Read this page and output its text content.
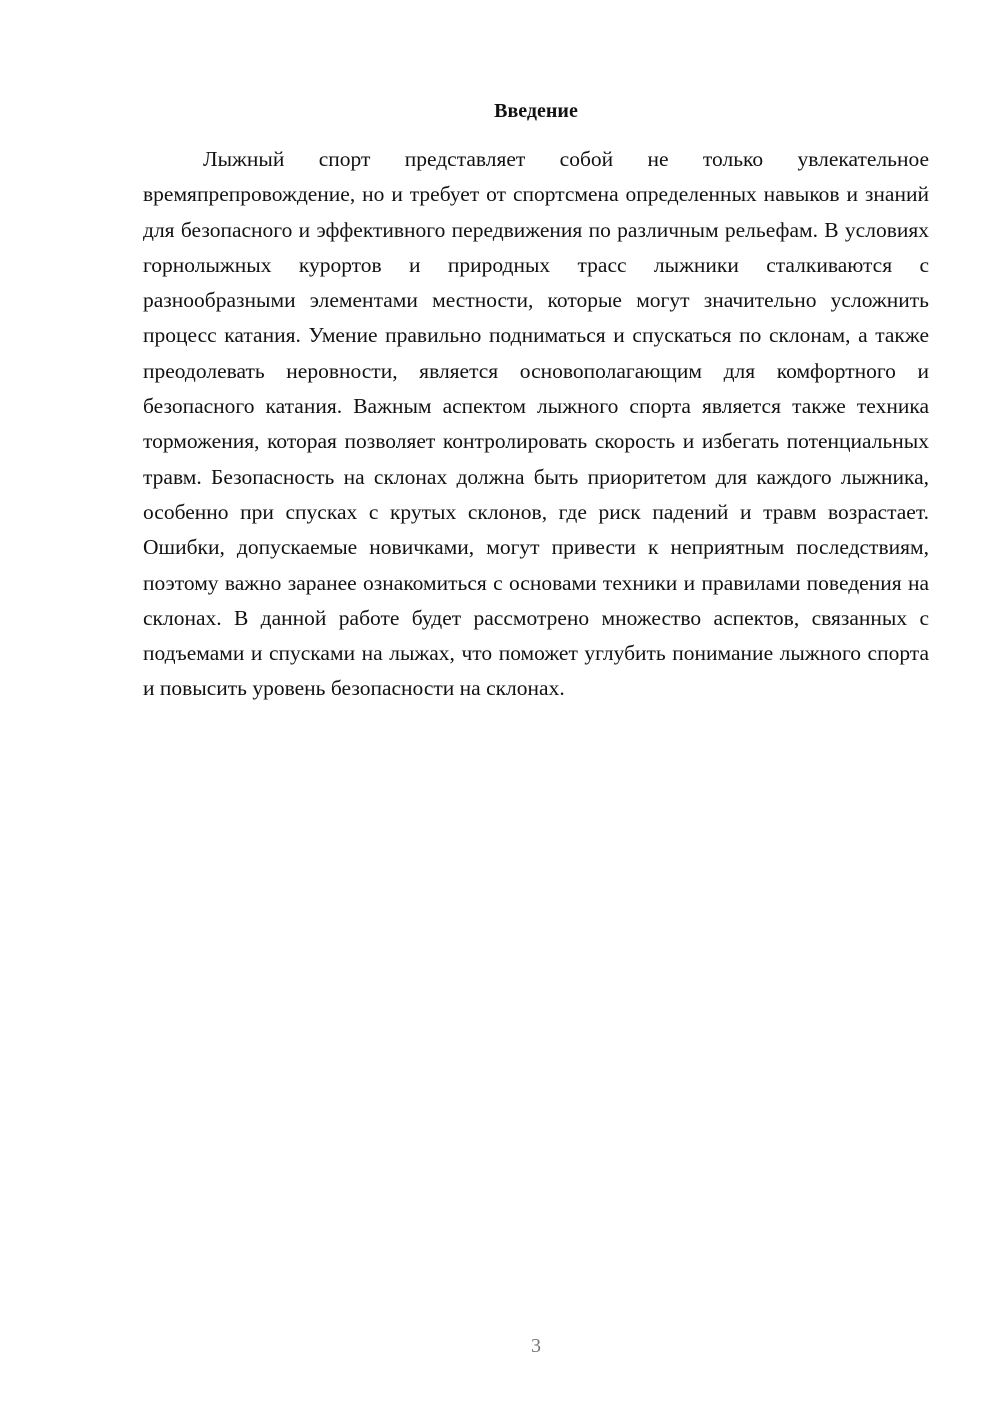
Введение

Лыжный спорт представляет собой не только увлекательное времяпрепровождение, но и требует от спортсмена определенных навыков и знаний для безопасного и эффективного передвижения по различным рельефам. В условиях горнолыжных курортов и природных трасс лыжники сталкиваются с разнообразными элементами местности, которые могут значительно усложнить процесс катания. Умение правильно подниматься и спускаться по склонам, а также преодолевать неровности, является основополагающим для комфортного и безопасного катания. Важным аспектом лыжного спорта является также техника торможения, которая позволяет контролировать скорость и избегать потенциальных травм. Безопасность на склонах должна быть приоритетом для каждого лыжника, особенно при спусках с крутых склонов, где риск падений и травм возрастает. Ошибки, допускаемые новичками, могут привести к неприятным последствиям, поэтому важно заранее ознакомиться с основами техники и правилами поведения на склонах. В данной работе будет рассмотрено множество аспектов, связанных с подъемами и спусками на лыжах, что поможет углубить понимание лыжного спорта и повысить уровень безопасности на склонах.

3
